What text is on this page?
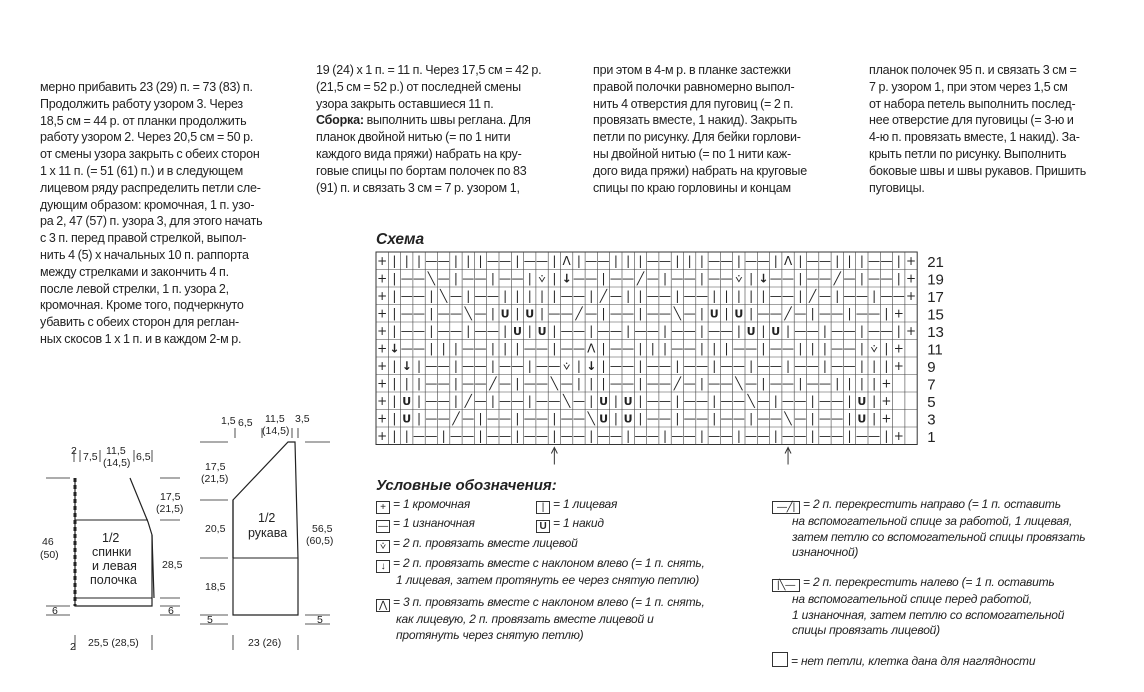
мерно прибавить 23 (29) п. = 73 (83) п.

Продолжить работу узором 3. Через

18,5 см = 44 р. от планки продолжить

работу узором 2. Через 20,5 см = 50 р.

от смены узора закрыть с обеих сторон

1 х 11 п. (= 51 (61) п.) и в следующем

лицевом ряду распределить петли сле-

дующим образом: кромочная, 1 п. узо-

ра 2, 47 (57) п. узора 3, для этого начать

с 3 п. перед правой стрелкой, выпол-

нить 4 (5) х начальных 10 п. раппорта

между стрелками и закончить 4 п.

после левой стрелки, 1 п. узора 2,

кромочная. Кроме того, подчеркнуто

убавить с обеих сторон для реглан-

ных скосов 1 х 1 п. и в каждом 2-м р.

19 (24) х 1 п. = 11 п. Через 17,5 см = 42 р.

(21,5 см = 52 р.) от последней смены

узора закрыть оставшиеся 11 п.

Сборка: выполнить швы реглана. Для

планок двойной нитью (= по 1 нити

каждого вида пряжи) набрать на кру-

говые спицы по бортам полочек по 83

(91) п. и связать 3 см = 7 р. узором 1,

при этом в 4-м р. в планке застежки

правой полочки равномерно выпол-

нить 4 отверстия для пуговиц (= 2 п.

провязать вместе, 1 накид). Закрыть

петли по рисунку. Для бейки горлови-

ны двойной нитью (= по 1 нити каж-

дого вида пряжи) набрать на круговые

спицы по краю горловины и концам

планок полочек 95 п. и связать 3 см =

7 р. узором 1, при этом через 1,5 см

от набора петель выполнить послед-

нее отверстие для пуговицы (= 3-ю и

4-ю п. провязать вместе, 1 накид). За-

крыть петли по рисунку. Выполнить

боковые швы и швы рукавов. Пришить

пуговицы.

Схема
+ | | | — — | | | — — | — — | Λ | — — | | | — — | | | — — | — — | Λ | — — | | | — — | +
+ | — — ╲ — | — — | — — | ⩒ | ↓ — — | — — ╱ — | — — | — — ⩒ | ↓ — — | — — ╱ — | — — | +
+ | — — | ╲ — | — — | | | | | — — | ╱ — | | — — | — — | | | | | — — | ╱ — | — — | — — +
+ | — — | — — ╲ — | U | U | — — ╱ — | — — | — — ╲ — | U | U | — — ╱ — | — — | — — | +
+ | — — | — — | — — | U | U | — — | — — | — — | — — | — — | U | U | — — | — — | — — | +
+ ↓ — — | | | — — | | | — — | — — Λ | — — | | | — — | | | — — | — — | | | — — | ⩒ | +
+ | ↓ | — — | — — | — — | — — ⩒ | ↓ | — — | — — | — — | — — | — — | — — | — — | | | +
+ | | | — — | — — ╱ — | — — ╲ — | | | — — | — — ╱ — | — — ╲ — | — — | — — | | | | +
+ | U | — — | ╱ — | — — | — — ╲ — | U | U | — — | — — | — — ╲ — | — — | — — | U | +
+ | U | — — ╱ — | — — | — — | — — ╲ U | U | — — | — — | — — | — — ╲ — | — — | U | +
+ | | — — | — — | — — | — — | — — | — — | — — | — — | — — | — — | — — | — — | — — | +
21
19
17
15
13
11
9
7
5
3
1
Условные обозначения:
+ = 1 кромочная
— = 1 изнаночная
| = 1 лицевая
U = 1 накид
⩒ = 2 п. провязать вместе лицевой
↓ = 2 п. провязать вместе с наклоном влево (= 1 п. снять,
1 лицевая, затем протянуть ее через снятую петлю)
⋀ = 3 п. провязать вместе с наклоном влево (= 1 п. снять,
как лицевую, 2 п. провязать вместе лицевой и
протянуть через снятую петлю)
—╱| = 2 п. перекрестить направо (= 1 п. оставить
на вспомогательной спице за работой, 1 лицевая,
затем петлю со вспомогательной спицы провязать
изнаночной)
|╲— = 2 п. перекрестить налево (= 1 п. оставить
на вспомогательной спице перед работой,
1 изнаночная, затем петлю со вспомогательной
спицы провязать лицевой)
= нет петли, клетка дана для наглядности
2 7,5 11,5
(14,5) 6,5
46
(50)
17,5
(21,5)
28,5
6	6
2 25,5 (28,5)
1/2
спинки
и левая
полочка
1,5 6,5 11,5
(14,5)
3,5
17,5
(21,5)
20,5
18,5
5
56,5
(60,5)
5
23 (26)
1/2
рукава
